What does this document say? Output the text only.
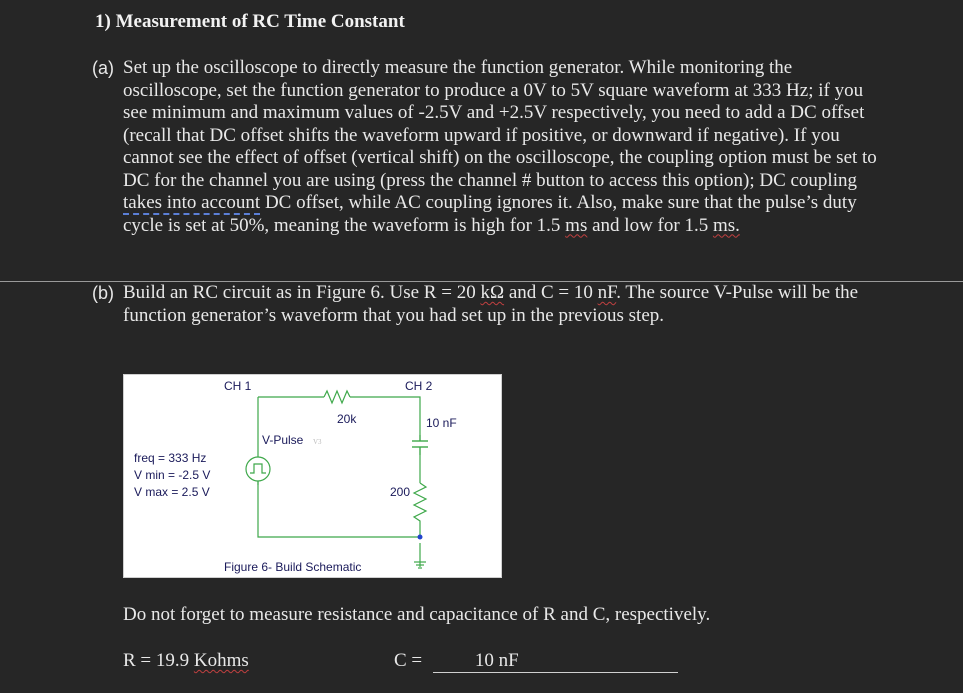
1) Measurement of RC Time Constant
(a) Set up the oscilloscope to directly measure the function generator. While monitoring the oscilloscope, set the function generator to produce a 0V to 5V square waveform at 333 Hz; if you see minimum and maximum values of -2.5V and +2.5V respectively, you need to add a DC offset (recall that DC offset shifts the waveform upward if positive, or downward if negative). If you cannot see the effect of offset (vertical shift) on the oscilloscope, the coupling option must be set to DC for the channel you are using (press the channel # button to access this option); DC coupling takes into account DC offset, while AC coupling ignores it. Also, make sure that the pulse’s duty cycle is set at 50%, meaning the waveform is high for 1.5 ms and low for 1.5 ms.
(b) Build an RC circuit as in Figure 6. Use R = 20 kΩ and C = 10 nF. The source V-Pulse will be the function generator’s waveform that you had set up in the previous step.
CH 1	CH 2
20k	10 nF
V-Pulse V3
freq = 333 Hz
V min = -2.5 V
V max = 2.5 V	200
Figure 6- Build Schematic
Do not forget to measure resistance and capacitance of R and C, respectively.
R = 19.9 Kohms	C =	10 nF
